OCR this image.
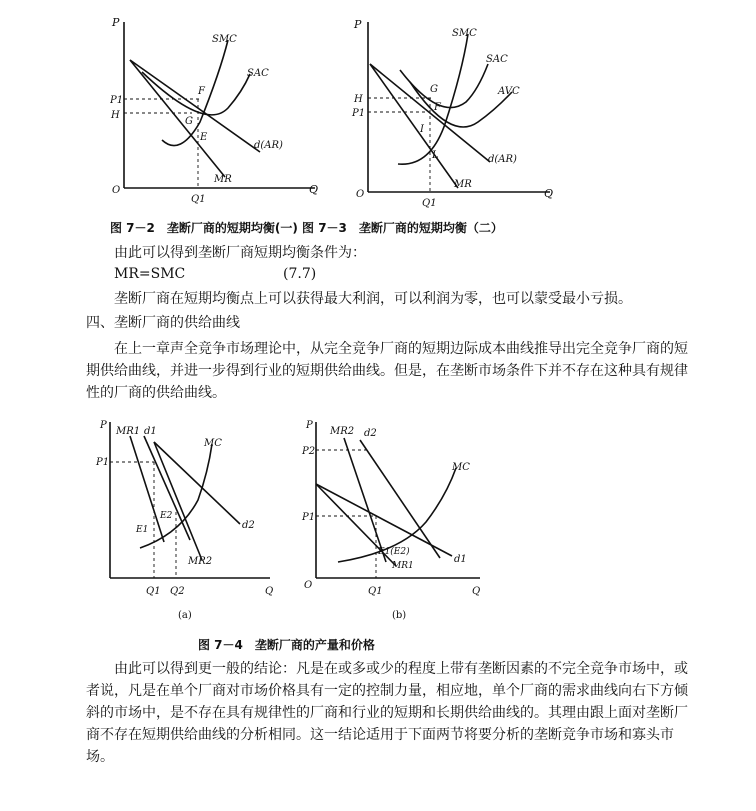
P
P1
H
O
Q1
Q
SMC
SAC
d(AR)
MR
F
G
E
P
H
P1
O
Q1
Q
SMC
SAC
AVC
d(AR)
MR
G
F
I
L
图 7－2　垄断厂商的短期均衡(一) 图 7－3　垄断厂商的短期均衡（二）
由此可以得到垄断厂商短期均衡条件为：
MR=SMC	(7.7)
垄断厂商在短期均衡点上可以获得最大利润，可以利润为零，也可以蒙受最小亏损。
四、垄断厂商的供给曲线
在上一章声全竞争市场理论中，从完全竞争厂商的短期边际成本曲线推导出完全竞争厂商的短期供给曲线，并进一步得到行业的短期供给曲线。但是，在垄断市场条件下并不存在这种具有规律性的厂商的供给曲线。
P
P1
MR1 d1
MC
E2
E1	d2
MR2
Q1 Q2	Q
(a)
P
P2
P1
MR2 d2
MC
E1(E2)
MR1
d1
O
Q1	Q
(b)
图 7－4　垄断厂商的产量和价格
由此可以得到更一般的结论：凡是在或多或少的程度上带有垄断因素的不完全竞争市场中，或者说，凡是在单个厂商对市场价格具有一定的控制力量，相应地，单个厂商的需求曲线向右下方倾斜的市场中，是不存在具有规律性的厂商和行业的短期和长期供给曲线的。其理由跟上面对垄断厂商不存在短期供给曲线的分析相同。这一结论适用于下面两节将要分析的垄断竞争市场和寡头市场。
